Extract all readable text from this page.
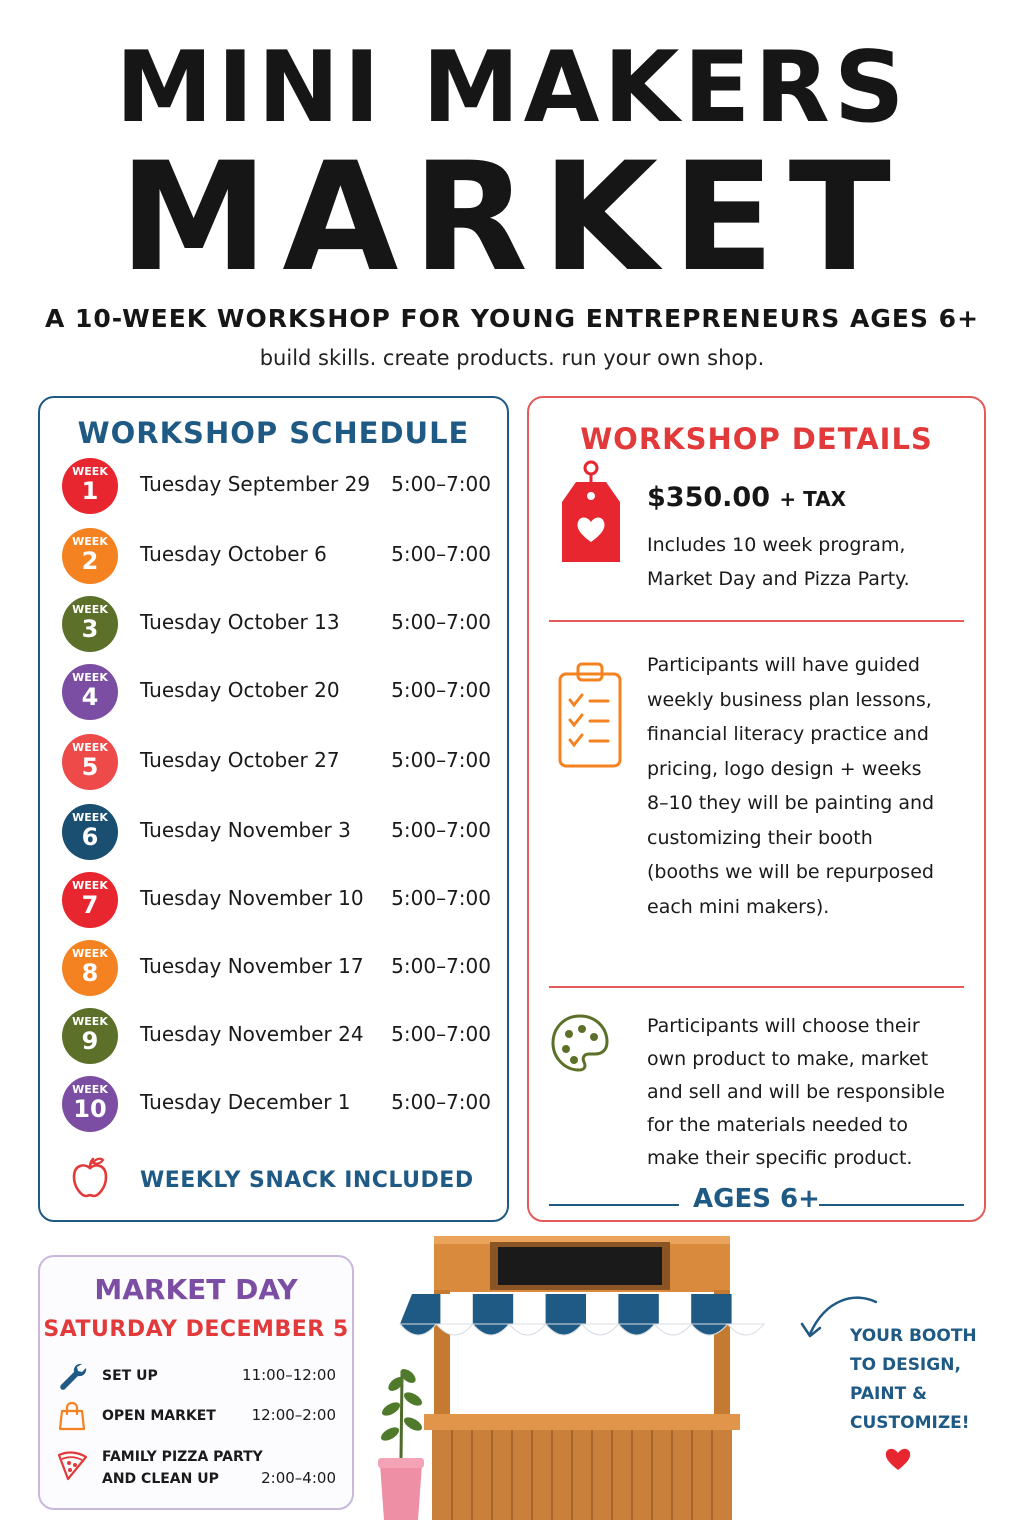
MINI MAKERS
MARKET
A 10-WEEK WORKSHOP FOR YOUNG ENTREPRENEURS AGES 6+
build skills. create products. run your own shop.
WORKSHOP SCHEDULE
WEEK
1	Tuesday September 29 5:00–7:00
WEEK
2	Tuesday October 6	5:00–7:00
WEEK
3	Tuesday October 13	5:00–7:00
WEEK
4	Tuesday October 20	5:00–7:00
WEEK
5	Tuesday October 27	5:00–7:00
WEEK
6	Tuesday November 3 5:00–7:00
WEEK
7	Tuesday November 10 5:00–7:00
WEEK
8	Tuesday November 17 5:00–7:00
WEEK
9	Tuesday November 24 5:00–7:00
WEEK
10	Tuesday December 1 5:00–7:00
WEEKLY SNACK INCLUDED
WORKSHOP DETAILS
$350.00 + TAX
Includes 10 week program, Market Day and Pizza Party.
Participants will have guided weekly business plan lessons, financial literacy practice and pricing, logo design + weeks 8–10 they will be painting and customizing their booth (booths we will be repurposed each mini makers).
Participants will choose their own product to make, market and sell and will be responsible for the materials needed to make their specific product.
AGES 6+
MARKET DAY
SATURDAY DECEMBER 5
SET UP	11:00–12:00
OPEN MARKET 12:00–2:00
FAMILY PIZZA PARTY
AND CLEAN UP	2:00–4:00
YOUR BOOTH
TO DESIGN,
PAINT &
CUSTOMIZE!
